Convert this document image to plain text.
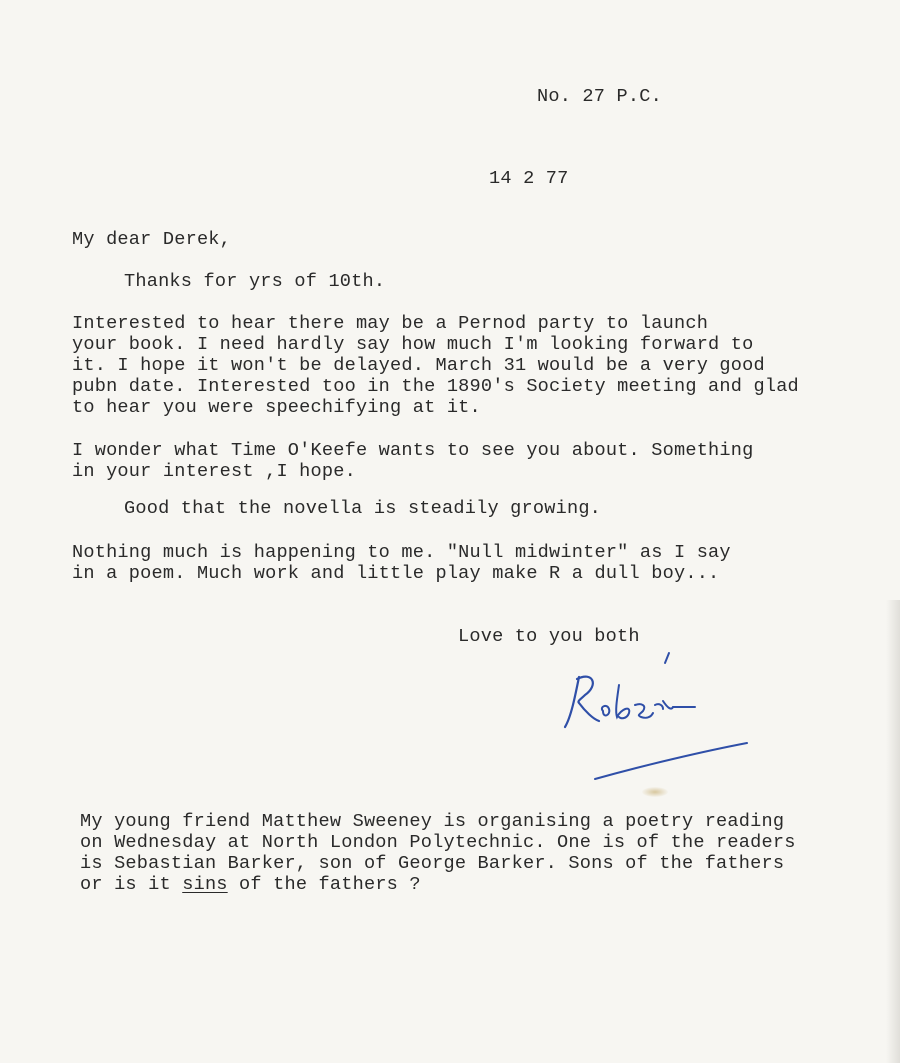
No. 27 P.C.
14 2 77
My dear Derek,
Thanks for yrs of 10th.
Interested to hear there may be a Pernod party to launch
your book. I need hardly say how much I'm looking forward to
it. I hope it won't be delayed. March 31 would be a very good
pubn date. Interested too in the 1890's Society meeting and glad
to hear you were speechifying at it.
I wonder what Time O'Keefe wants to see you about. Something
in your interest ,I hope.
Good that the novella is steadily growing.
Nothing much is happening to me. "Null midwinter" as I say
in a poem. Much work and little play make R a dull boy...
Love to you both
My young friend Matthew Sweeney is organising a poetry reading
on Wednesday at North London Polytechnic. One is of the readers
is Sebastian Barker, son of George Barker. Sons of the fathers
or is it sins of the fathers ?
